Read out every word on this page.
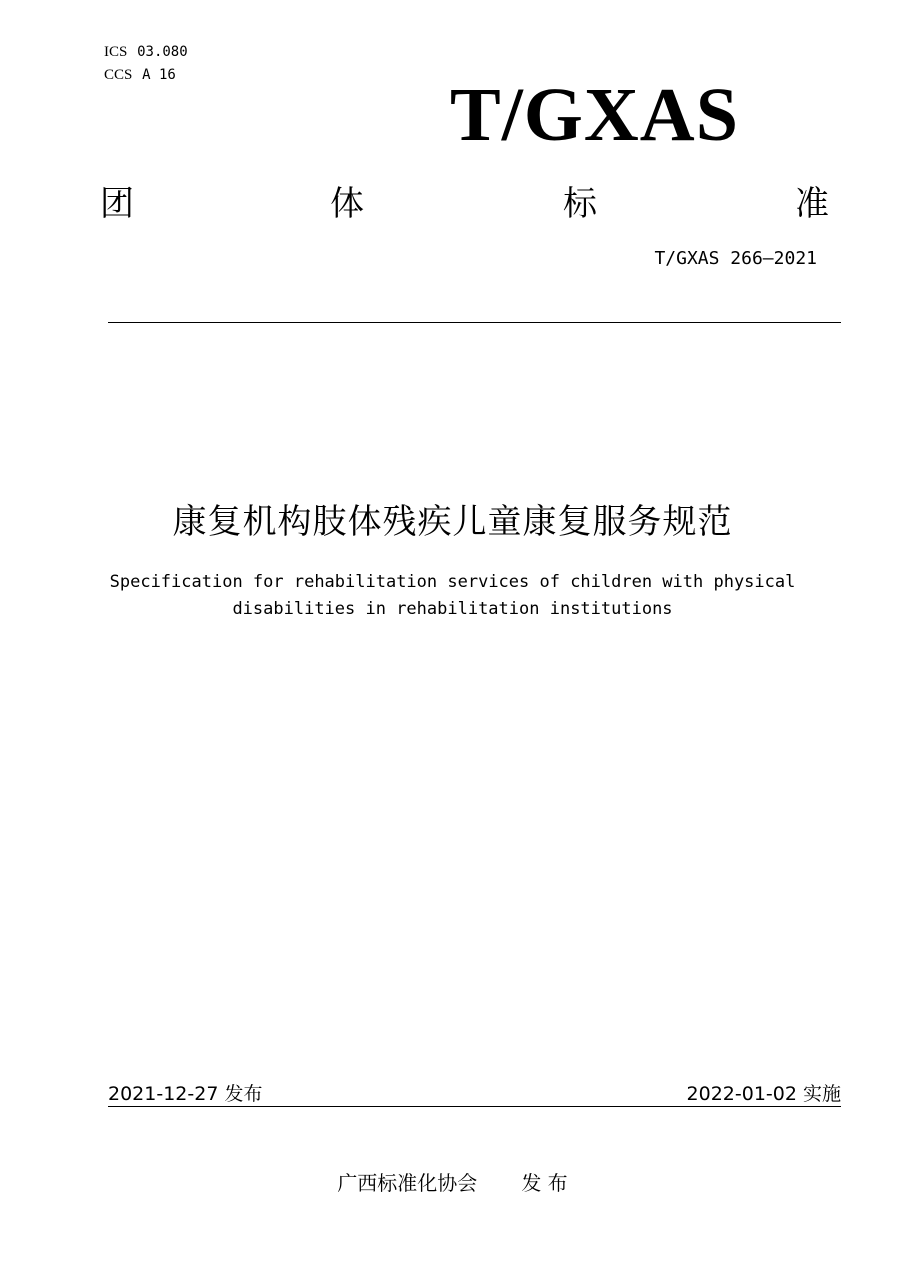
ICS 03.080
CCS A 16	T/GXAS
团	体	标	准
T/GXAS 266—2021
康复机构肢体残疾儿童康复服务规范
Specification for rehabilitation services of children with physical
disabilities in rehabilitation institutions
2021-12-27 发布	2022-01-02 实施
广西标准化协会 发 布
